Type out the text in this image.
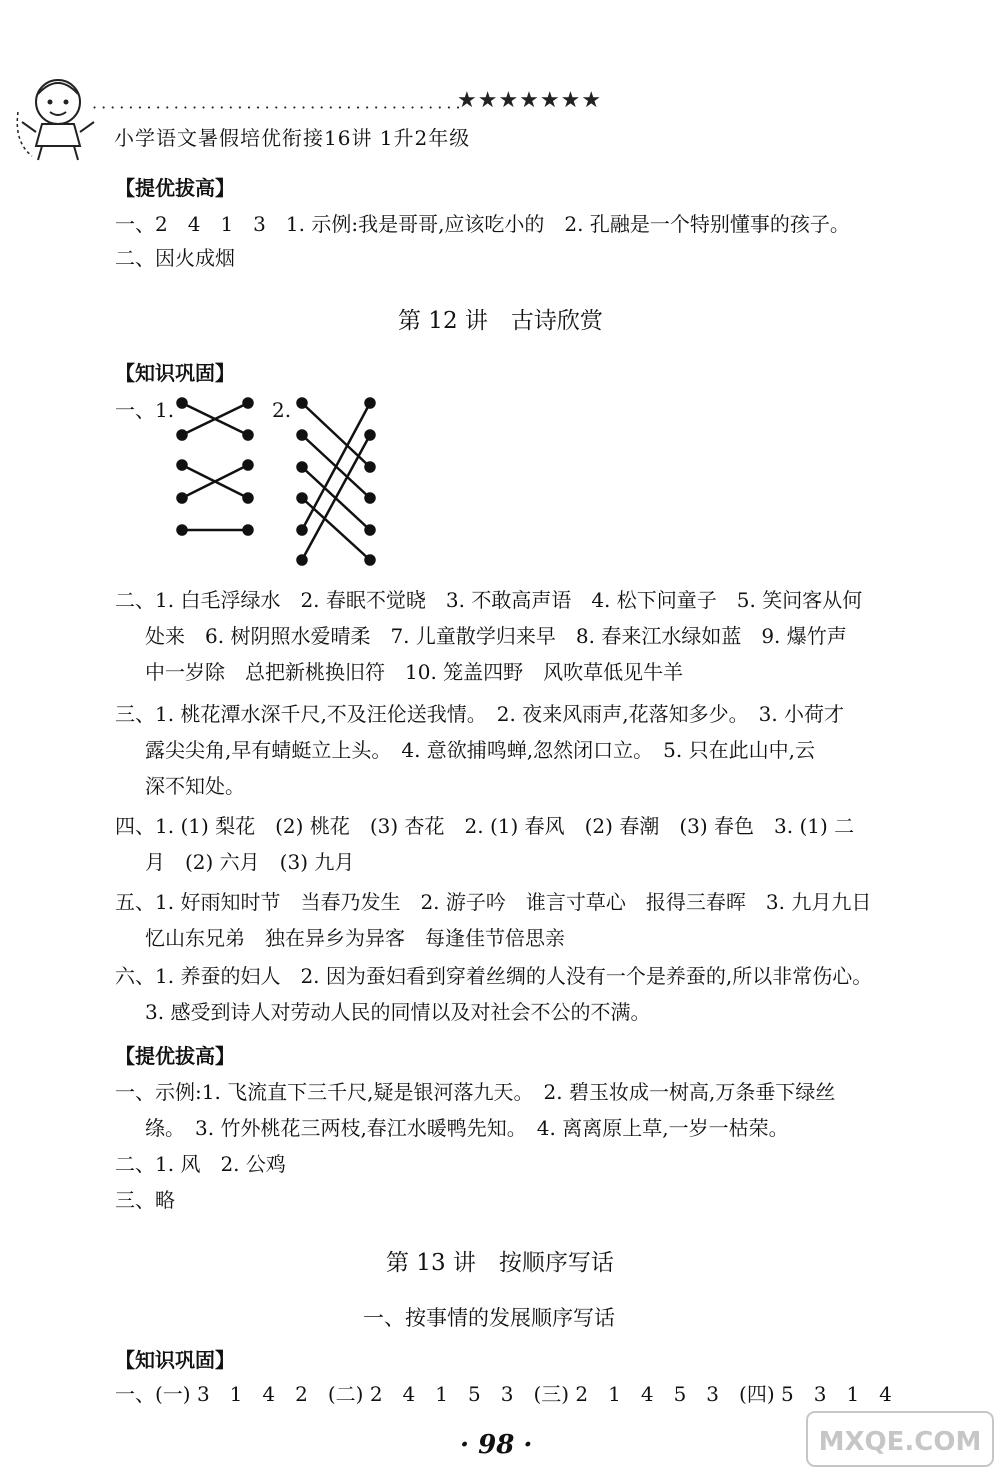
·········································
★★★★★★★
小学语文暑假培优衔接16讲 1升2年级
【提优拔高】
一、2　4　1　3　1. 示例:我是哥哥,应该吃小的　2. 孔融是一个特别懂事的孩子。
二、因火成烟
第 12 讲　古诗欣赏
【知识巩固】
一、1.	2.
二、1. 白毛浮绿水　2. 春眠不觉晓　3. 不敢高声语　4. 松下问童子　5. 笑问客从何
处来　6. 树阴照水爱晴柔　7. 儿童散学归来早　8. 春来江水绿如蓝　9. 爆竹声
中一岁除　总把新桃换旧符　10. 笼盖四野　风吹草低见牛羊
三、1. 桃花潭水深千尺,不及汪伦送我情。　2. 夜来风雨声,花落知多少。　3. 小荷才
露尖尖角,早有蜻蜓立上头。　4. 意欲捕鸣蝉,忽然闭口立。　5. 只在此山中,云
深不知处。
四、1. (1) 梨花　(2) 桃花　(3) 杏花　2. (1) 春风　(2) 春潮　(3) 春色　3. (1) 二
月　(2) 六月　(3) 九月
五、1. 好雨知时节　当春乃发生　2. 游子吟　谁言寸草心　报得三春晖　3. 九月九日
忆山东兄弟　独在异乡为异客　每逢佳节倍思亲
六、1. 养蚕的妇人　2. 因为蚕妇看到穿着丝绸的人没有一个是养蚕的,所以非常伤心。
3. 感受到诗人对劳动人民的同情以及对社会不公的不满。
【提优拔高】
一、示例:1. 飞流直下三千尺,疑是银河落九天。　2. 碧玉妆成一树高,万条垂下绿丝
绦。　3. 竹外桃花三两枝,春江水暖鸭先知。　4. 离离原上草,一岁一枯荣。
二、1. 风　2. 公鸡
三、略
第 13 讲　按顺序写话
一、按事情的发展顺序写话
【知识巩固】
一、(一) 3　1　4　2　(二) 2　4　1　5　3　(三) 2　1　4　5　3　(四) 5　3　1　4
· 98 ·	MXQE.COM
